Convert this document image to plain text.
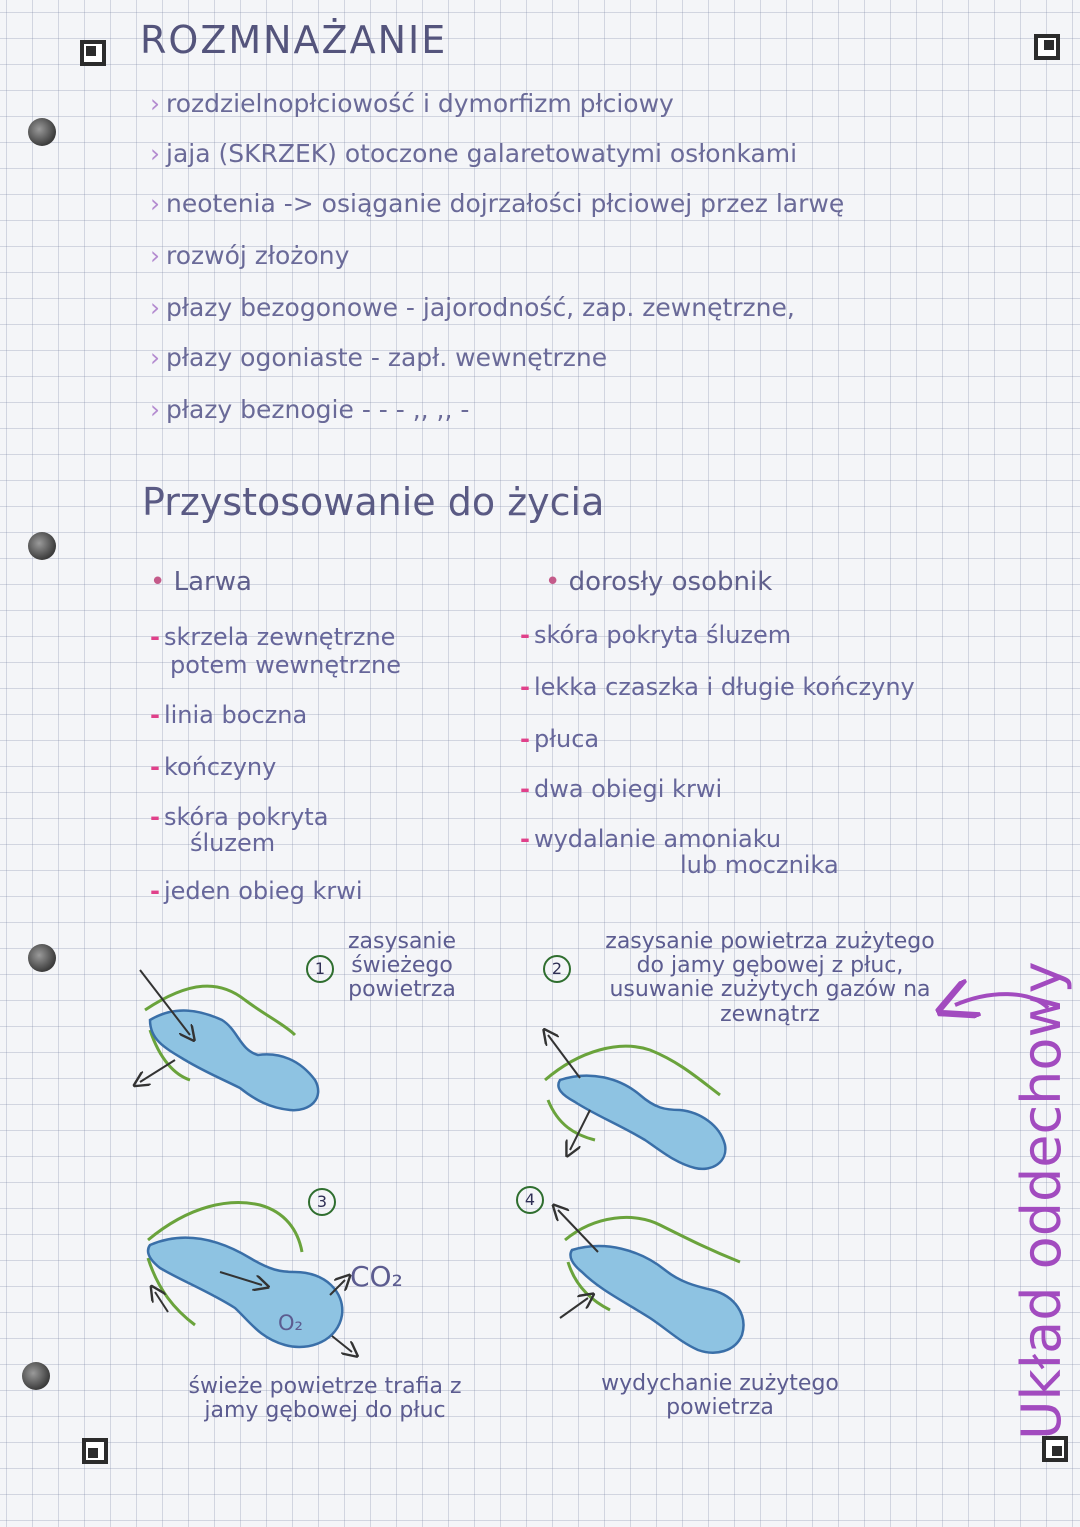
ROZMNAŻANIE
› rozdzielnopłciowość i dymorfizm płciowy
› jaja (SKRZEK) otoczone galaretowatymi osłonkami
› neotenia -> osiąganie dojrzałości płciowej przez larwę
› rozwój złożony
› płazy bezogonowe - jajorodność, zap. zewnętrzne,
› płazy ogoniaste - zapł. wewnętrzne
› płazy beznogie - - - ,, ,, -
Przystosowanie do życia
• Larwa
- skrzela zewnętrzne
potem wewnętrzne
- linia boczna
- kończyny
- skóra pokryta
śluzem
- jeden obieg krwi
• dorosły osobnik
- skóra pokryta śluzem
- lekka czaszka i długie kończyny
- płuca
- dwa obiegi krwi
- wydalanie amoniaku
lub mocznika
1
zasysanie świeżego powietrza
2
zasysanie powietrza zużytego do jamy gębowej z płuc, usuwanie zużytych gazów na zewnątrz
3
CO₂
O₂
świeże powietrze trafia z jamy gębowej do płuc
4
wydychanie zużytego powietrza	Układ oddechowy
